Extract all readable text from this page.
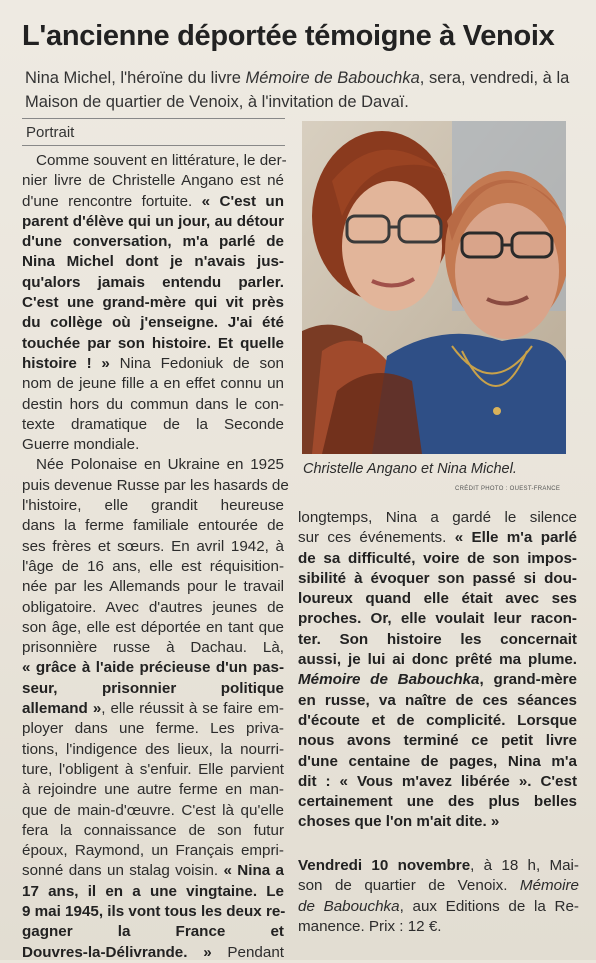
L'ancienne déportée témoigne à Venoix

Nina Michel, l'héroïne du livre Mémoire de Babouchka, sera, vendredi, à la Maison de quartier de Venoix, à l'invitation de Davaï.

Portrait

Comme souvent en littérature, le der-
nier livre de Christelle Angano est né
d'une rencontre fortuite. « C'est un
parent d'élève qui un jour, au détour
d'une conversation, m'a parlé de
Nina Michel dont je n'avais jus-
qu'alors jamais entendu parler.
C'est une grand-mère qui vit près
du collège où j'enseigne. J'ai été
touchée par son histoire. Et quelle
histoire ! » Nina Fedoniuk de son
nom de jeune fille a en effet connu un
destin hors du commun dans le con-
texte dramatique de la Seconde
Guerre mondiale.
Née Polonaise en Ukraine en 1925
puis devenue Russe par les hasards de
l'histoire, elle grandit heureuse
dans la ferme familiale entourée de
ses frères et sœurs. En avril 1942, à
l'âge de 16 ans, elle est réquisition-
née par les Allemands pour le travail
obligatoire. Avec d'autres jeunes de
son âge, elle est déportée en tant que
prisonnière russe à Dachau. Là,
« grâce à l'aide précieuse d'un pas-
seur, prisonnier politique
allemand », elle réussit à se faire em-
ployer dans une ferme. Les priva-
tions, l'indigence des lieux, la nourri-
ture, l'obligent à s'enfuir. Elle parvient
à rejoindre une autre ferme en man-
que de main-d'œuvre. C'est là qu'elle
fera la connaissance de son futur
époux, Raymond, un Français empri-
sonné dans un stalag voisin. « Nina a
17 ans, il en a une vingtaine. Le
9 mai 1945, ils vont tous les deux re-
gagner la France et
Douvres-la-Délivrande. » Pendant

Christelle Angano et Nina Michel.

CRÉDIT PHOTO : OUEST-FRANCE

longtemps, Nina a gardé le silence
sur ces événements. « Elle m'a parlé
de sa difficulté, voire de son impos-
sibilité à évoquer son passé si dou-
loureux quand elle était avec ses
proches. Or, elle voulait leur racon-
ter. Son histoire les concernait
aussi, je lui ai donc prêté ma plume.
Mémoire de Babouchka, grand-mère
en russe, va naître de ces séances
d'écoute et de complicité. Lorsque
nous avons terminé ce petit livre
d'une centaine de pages, Nina m'a
dit : « Vous m'avez libérée ». C'est
certainement une des plus belles
choses que l'on m'ait dite. »
Vendredi 10 novembre, à 18 h, Mai-
son de quartier de Venoix. Mémoire
de Babouchka, aux Editions de la Re-
manence. Prix : 12 €.
